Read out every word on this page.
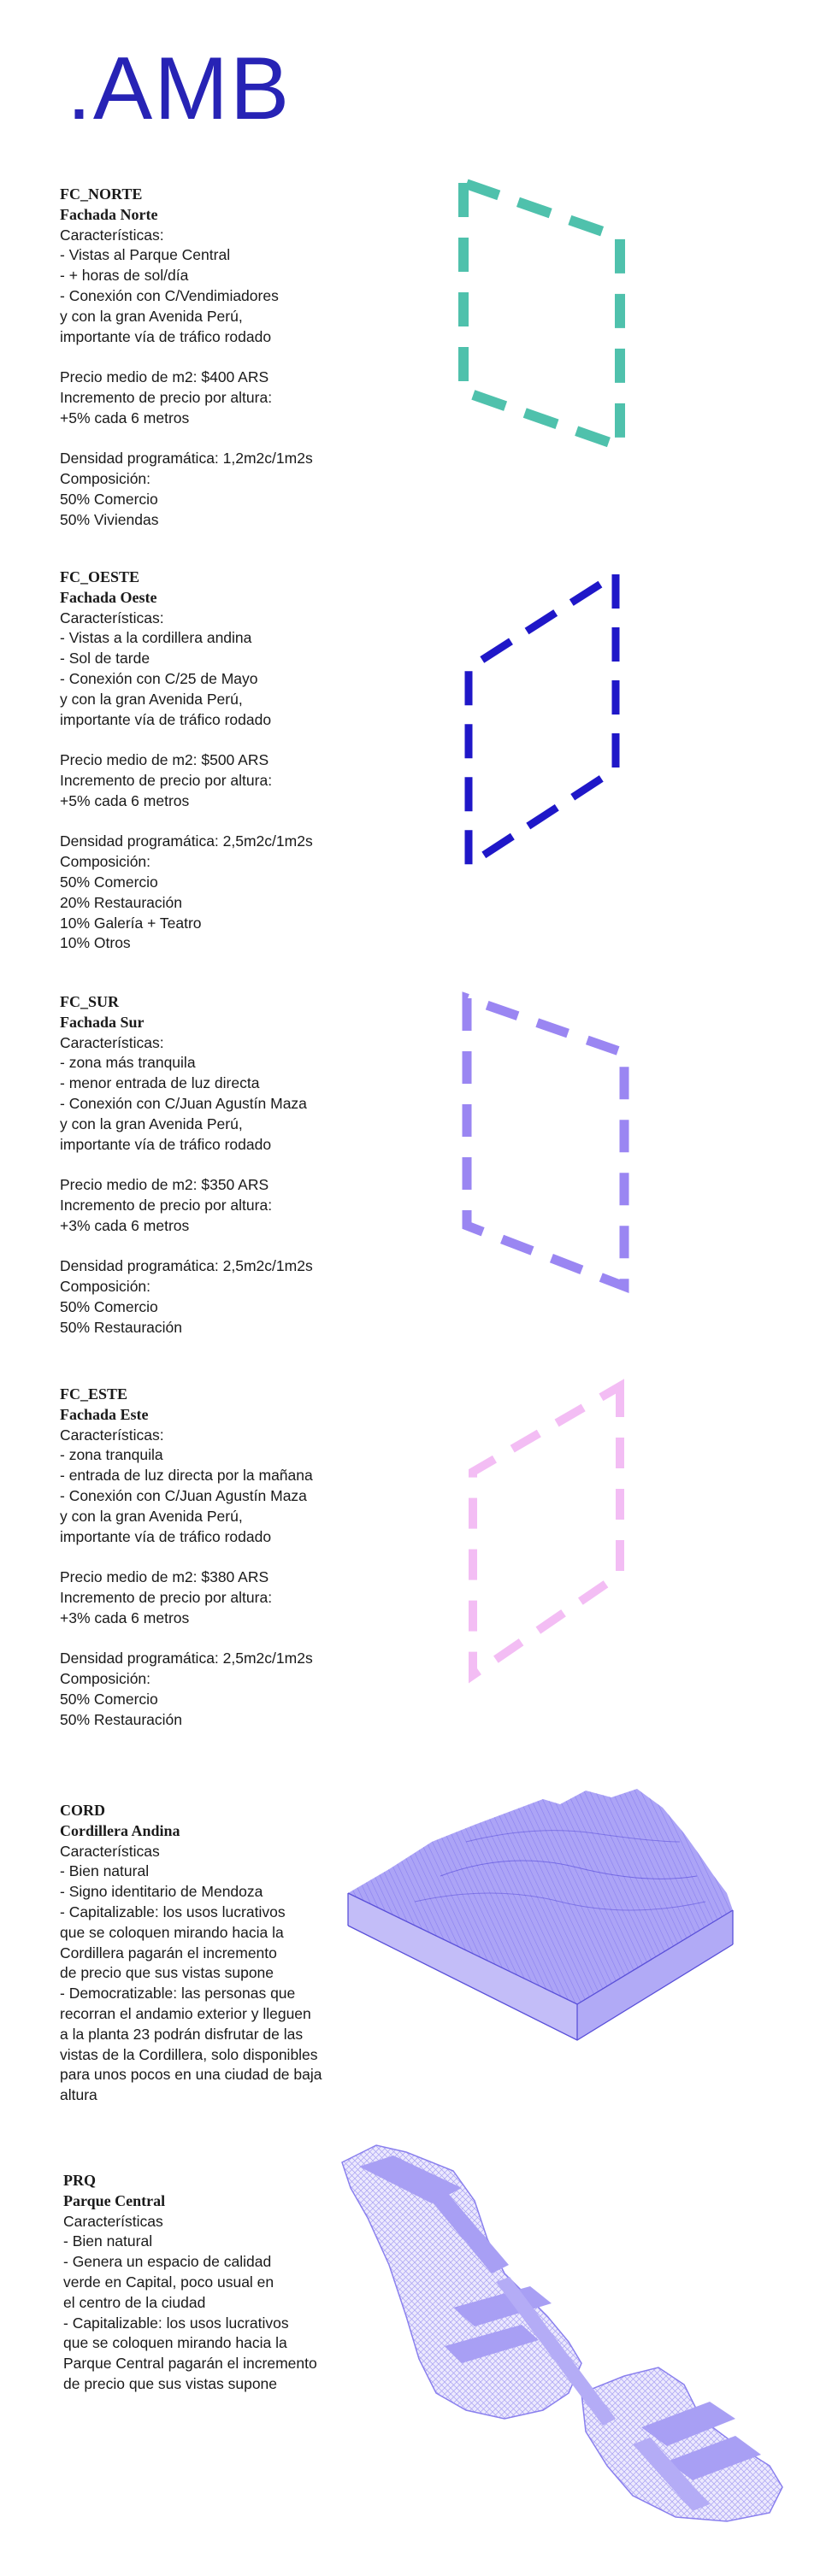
.AMB
FC_NORTE
Fachada Norte
Características:
- Vistas al Parque Central
- + horas de sol/día
- Conexión con C/Vendimiadores
y con la gran Avenida Perú,
importante vía de tráfico rodado
Precio medio de m2: $400 ARS
Incremento de precio por altura:
+5% cada 6 metros
Densidad programática: 1,2m2c/1m2s
Composición:
50% Comercio
50% Viviendas
FC_OESTE
Fachada Oeste
Características:
- Vistas a la cordillera andina
- Sol de tarde
- Conexión con C/25 de Mayo
y con la gran Avenida Perú,
importante vía de tráfico rodado
Precio medio de m2: $500 ARS
Incremento de precio por altura:
+5% cada 6 metros
Densidad programática: 2,5m2c/1m2s
Composición:
50% Comercio
20% Restauración
10% Galería + Teatro
10% Otros
FC_SUR
Fachada Sur
Características:
- zona más tranquila
- menor entrada de luz directa
- Conexión con C/Juan Agustín Maza
y con la gran Avenida Perú,
importante vía de tráfico rodado
Precio medio de m2: $350 ARS
Incremento de precio por altura:
+3% cada 6 metros
Densidad programática: 2,5m2c/1m2s
Composición:
50% Comercio
50% Restauración
FC_ESTE
Fachada Este
Características:
- zona tranquila
- entrada de luz directa por la mañana
- Conexión con C/Juan Agustín Maza
y con la gran Avenida Perú,
importante vía de tráfico rodado
Precio medio de m2: $380 ARS
Incremento de precio por altura:
+3% cada 6 metros
Densidad programática: 2,5m2c/1m2s
Composición:
50% Comercio
50% Restauración
CORD
Cordillera Andina
Características
- Bien natural
- Signo identitario de Mendoza
- Capitalizable: los usos lucrativos
que se coloquen mirando hacia la
Cordillera pagarán el incremento
de precio que sus vistas supone
- Democratizable: las personas que
recorran el andamio exterior y lleguen
a la planta 23 podrán disfrutar de las
vistas de la Cordillera, solo disponibles
para unos pocos en una ciudad de baja
altura
PRQ
Parque Central
Características
- Bien natural
- Genera un espacio de calidad
verde en Capital, poco usual en
el centro de la ciudad
- Capitalizable: los usos lucrativos
que se coloquen mirando hacia la
Parque Central pagarán el incremento
de precio que sus vistas supone
